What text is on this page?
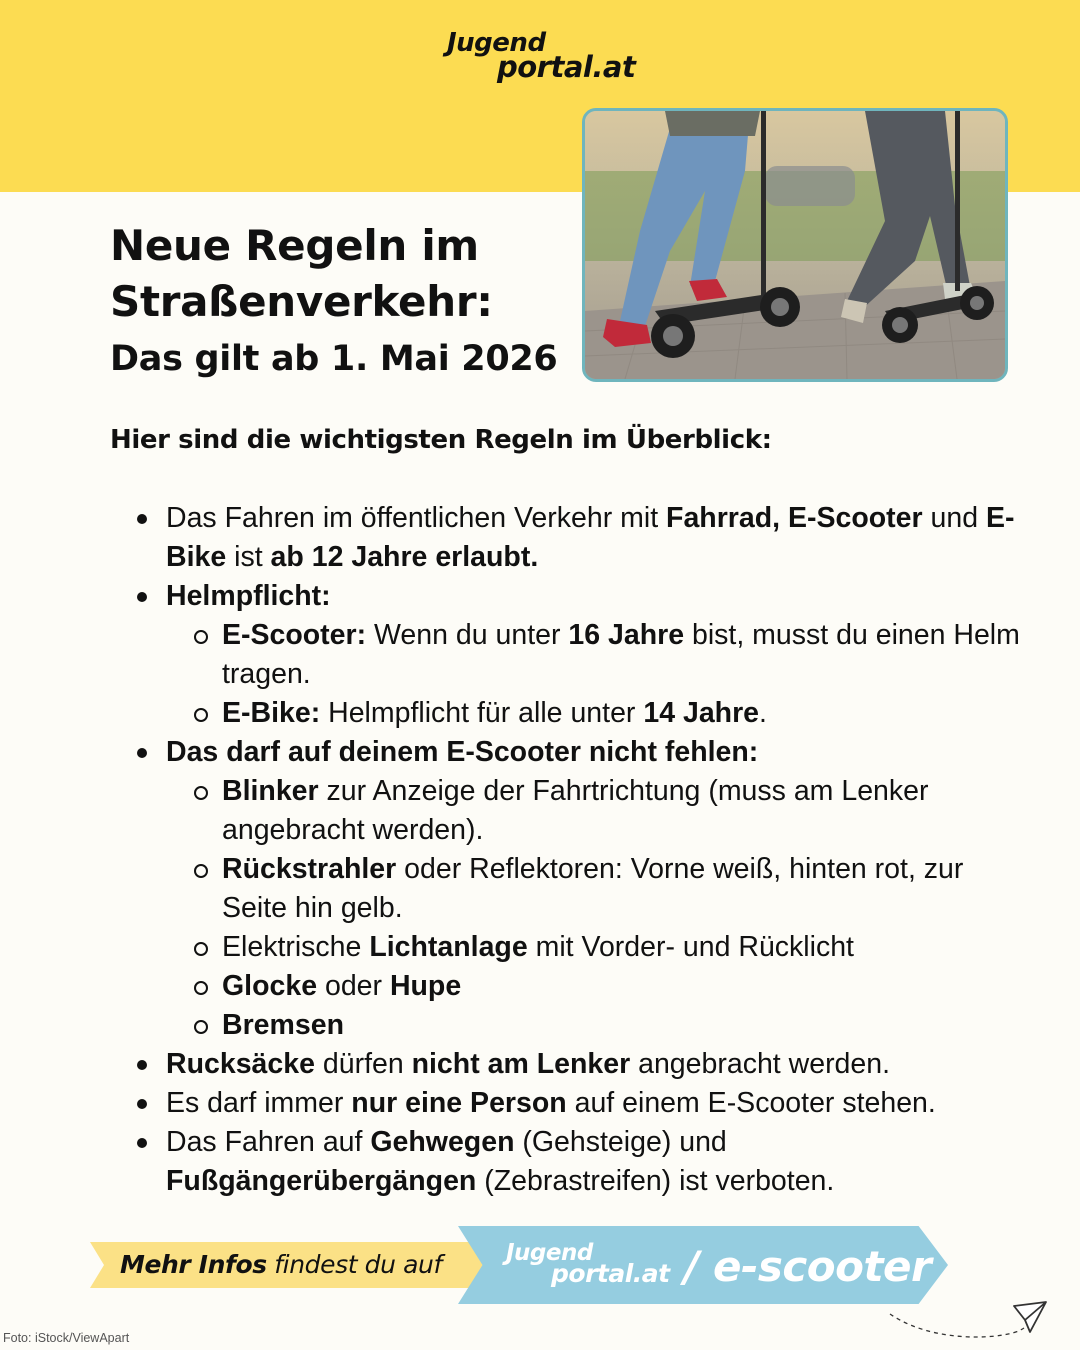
Jugend
portal.at
Neue Regeln im
Straßenverkehr:
Das gilt ab 1. Mai 2026
Hier sind die wichtigsten Regeln im Überblick:
Das Fahren im öffentlichen Verkehr mit Fahrrad, E-Scooter und E-Bike ist ab 12 Jahre erlaubt.
Helmpflicht:
E-Scooter: Wenn du unter 16 Jahre bist, musst du einen Helm tragen.
E-Bike: Helmpflicht für alle unter 14 Jahre.
Das darf auf deinem E-Scooter nicht fehlen:
Blinker zur Anzeige der Fahrtrichtung (muss am Lenker angebracht werden).
Rückstrahler oder Reflektoren: Vorne weiß, hinten rot, zur Seite hin gelb.
Elektrische Lichtanlage mit Vorder- und Rücklicht
Glocke oder Hupe
Bremsen
Rucksäcke dürfen nicht am Lenker angebracht werden.
Es darf immer nur eine Person auf einem E-Scooter stehen.
Das Fahren auf Gehwegen (Gehsteige) und Fußgängerübergängen (Zebrastreifen) ist verboten.
Mehr Infos findest du auf	Jugend
portal.at / e-scooter
Foto: iStock/ViewApart
